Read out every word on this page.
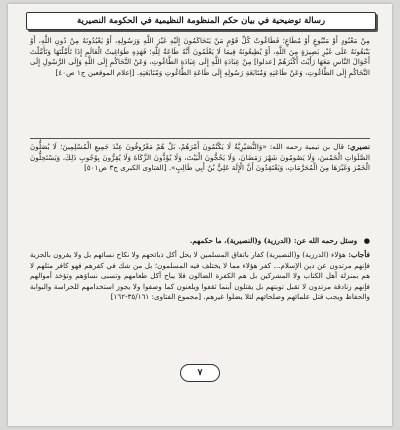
رسالة توضيحية في بيان حكم المنظومة النظيمية في الحكومة النصيرية
مِنْ مَعْبُودٍ أَوْ مَتْبُوعٍ أَوْ مُطَاعٍ؛ فَطَاغُوتُ كُلِّ قَوْمٍ مَنْ يَتَحَاكَمُونَ إِلَيْهِ غَيْرَ اللَّهِ وَرَسُولِهِ، أَوْ يَعْبُدُونَهُ مِنْ دُونِ اللَّهِ، أَوْ يَتْبَعُونَهُ عَلَى غَيْرِ بَصِيرَةٍ مِنَ اللَّهِ، أَوْ يُطِيعُونَهُ فِيمَا لَا يَعْلَمُونَ أَنَّهُ طَاعَةٌ لِلَّهِ؛ فَهَذِهِ طَوَاغِيتُ الْعَالَمِ إِذَا تَأَمَّلْتَهَا وَتَأَمَّلْتَ أَحْوَالَ النَّاسِ مَعَهَا رَأَيْتَ أَكْثَرَهُمْ [عدلوا] مِنْ عِبَادَةِ اللَّهِ إِلَى عِبَادَةِ الطَّاغُوتِ، وَعَنْ التَّحَاكُمِ إِلَى اللَّهِ وَإِلَى الرَّسُولِ إِلَى التَّحَاكُمِ إِلَى الطَّاغُوتِ، وَعَنْ طَاعَتِهِ وَمُتَابَعَةِ رَسُولِهِ إِلَى طَاعَةِ الطَّاغُوتِ وَمُتَابَعَتِهِ. [إعلام الموقعين ج١ ص٤٠]
نصيري: قال بن تيمية رحمه الله: «وَالنُّصَيْرِيَّةُ لَا يَكْتُمُونَ أَمْرَهُمْ، بَلْ هُمْ مَعْرُوفُونَ عِنْدَ جَمِيعِ الْمُسْلِمِينَ؛ لَا يُصَلُّونَ الصَّلَوَاتِ الْخَمْسَ، وَلَا يَصُومُونَ شَهْرَ رَمَضَانَ، وَلَا يَحُجُّونَ الْبَيْتَ، وَلَا يُؤَدُّونَ الزَّكَاةَ وَلَا يُقِرُّونَ بِوُجُوبِ ذَلِكَ، وَيَسْتَحِلُّونَ الْخَمْرَ وَغَيْرَهَا مِنَ الْمُحَرَّمَاتِ، وَيَعْتَقِدُونَ أَنَّ الْإِلَهَ عَلِيُّ بْنُ أَبِي طَالِبٍ». [الفتاوى الكبرى ج٣ ص٥٠١]
● وسئل رحمه الله عن: (الدرزية) و(النصيرية)، ما حكمهم.
فأجاب: هؤلاء (الدرزية) و(النصيرية) كفار باتفاق المسلمين لا يحل أكل ذبائحهم ولا نكاح نسائهم بل ولا يقرون بالجزية فإنهم مرتدون عن دين الإسلام... كفر هؤلاء مما لا يختلف فيه المسلمون؛ بل من شك في كفرهم فهو كافر مثلهم لا هم بمنزلة أهل الكتاب ولا المشركين بل هم الكفرة الضالون فلا يباح أكل طعامهم وتسبى نساؤهم وتؤخذ أموالهم فإنهم زنادقة مرتدون لا تقبل توبتهم بل يقتلون أينما ثقفوا ويلعنون كما وصفوا ولا يجوز استخدامهم للحراسة والبوابة والحفاظ ويجب قتل علمائهم وصلحائهم لئلا يضلوا غيرهم. [مجموع الفتاوى: ٣٥/١٦١-١٦٢]
٧
